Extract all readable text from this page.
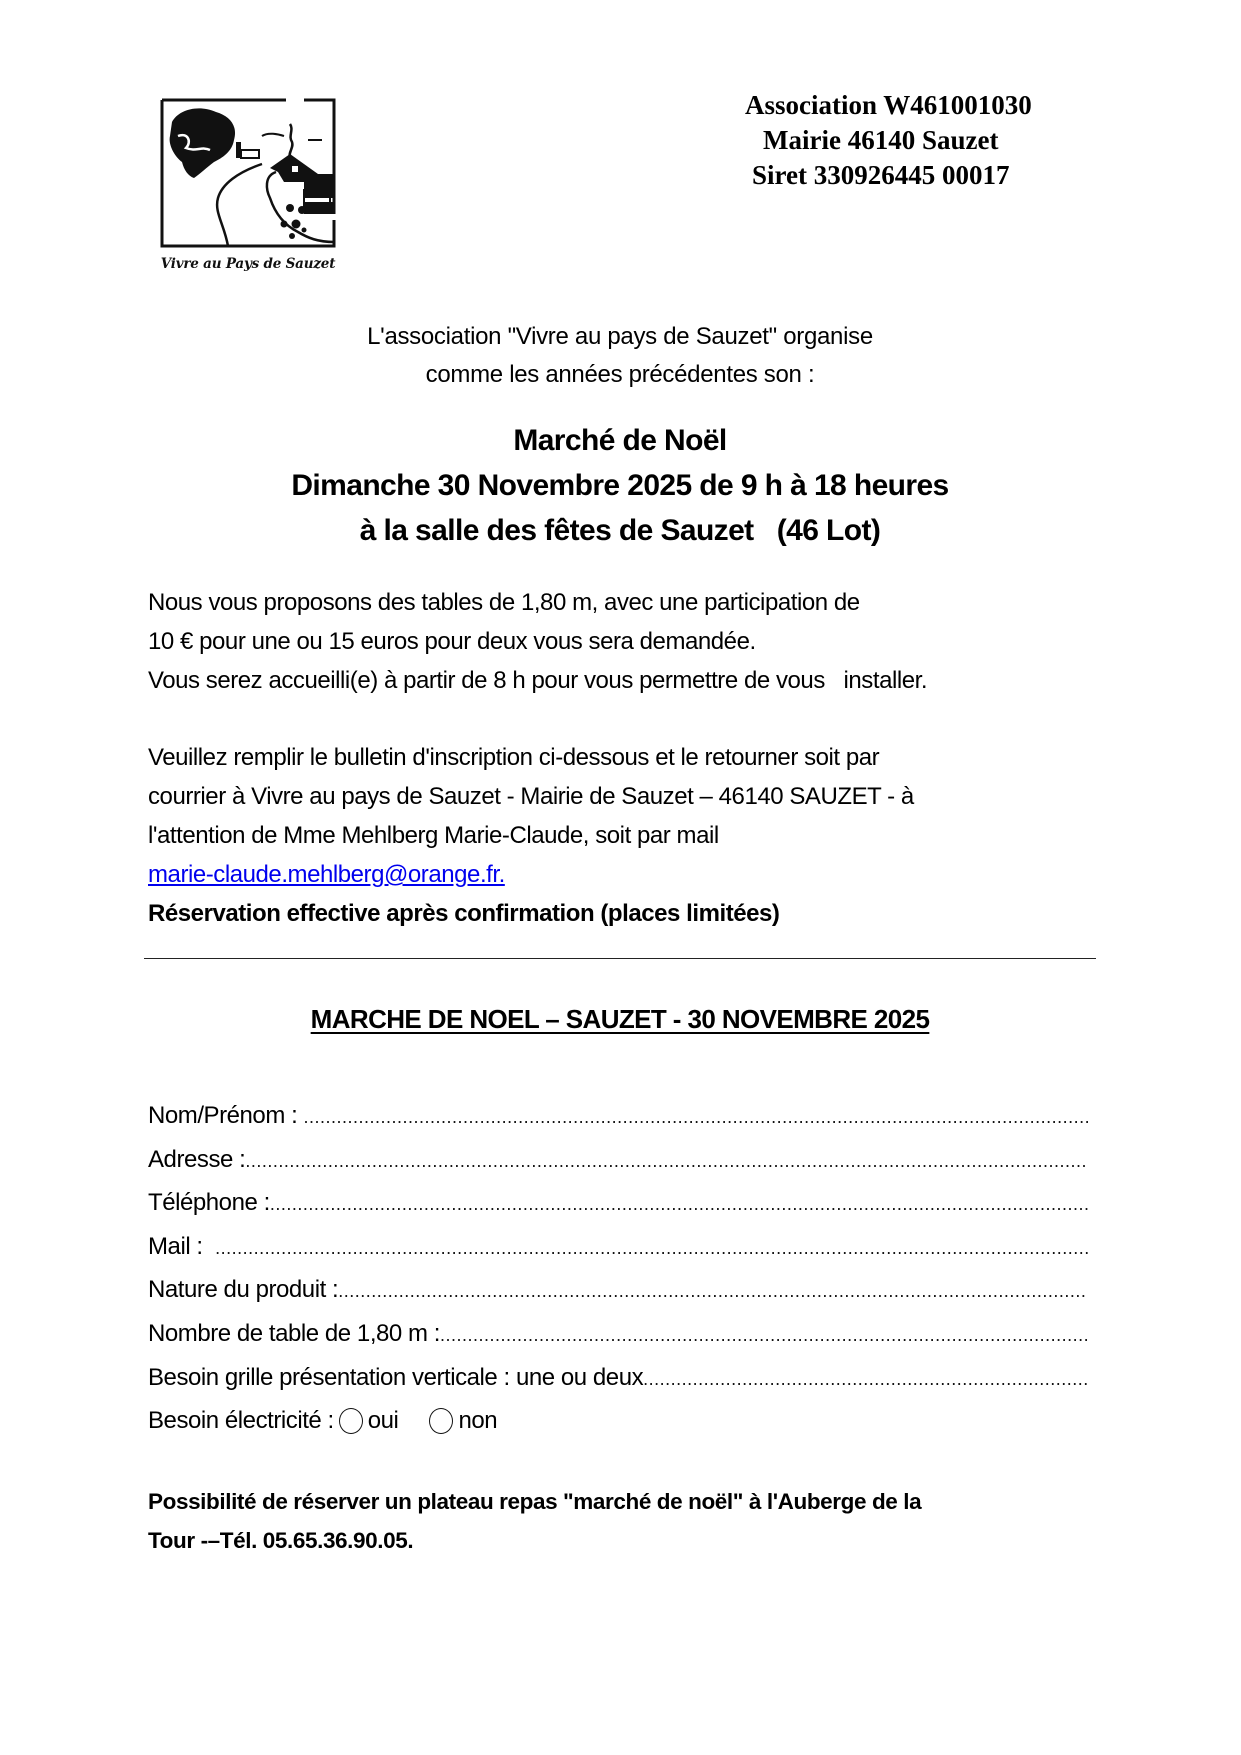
Vivre au Pays de Sauzet
Association W461001030
Mairie 46140 Sauzet
Siret 330926445 00017
L'association "Vivre au pays de Sauzet" organise
comme les années précédentes son :
Marché de Noël
Dimanche 30 Novembre 2025 de 9 h à 18 heures
à la salle des fêtes de Sauzet   (46 Lot)
Nous vous proposons des tables de 1,80 m, avec une participation de
10 € pour une ou 15 euros pour deux vous sera demandée.
Vous serez accueilli(e) à partir de 8 h pour vous permettre de vous   installer.
Veuillez remplir le bulletin d'inscription ci-dessous et le retourner soit par
courrier à Vivre au pays de Sauzet - Mairie de Sauzet – 46140 SAUZET - à
l'attention de Mme Mehlberg Marie-Claude, soit par mail
marie-claude.mehlberg@orange.fr.
Réservation effective après confirmation (places limitées)
MARCHE DE NOEL – SAUZET - 30 NOVEMBRE 2025
Nom/Prénom :
.....
Adresse :
.....
Téléphone :
.....
Mail :
.....
Nature du produit :
.....
Nombre de table de 1,80 m :
.....
Besoin grille présentation verticale : une ou deux
.....
Besoin électricité : oui	non
Possibilité de réserver un plateau repas "marché de noël" à l'Auberge de la
Tour -–Tél. 05.65.36.90.05.
